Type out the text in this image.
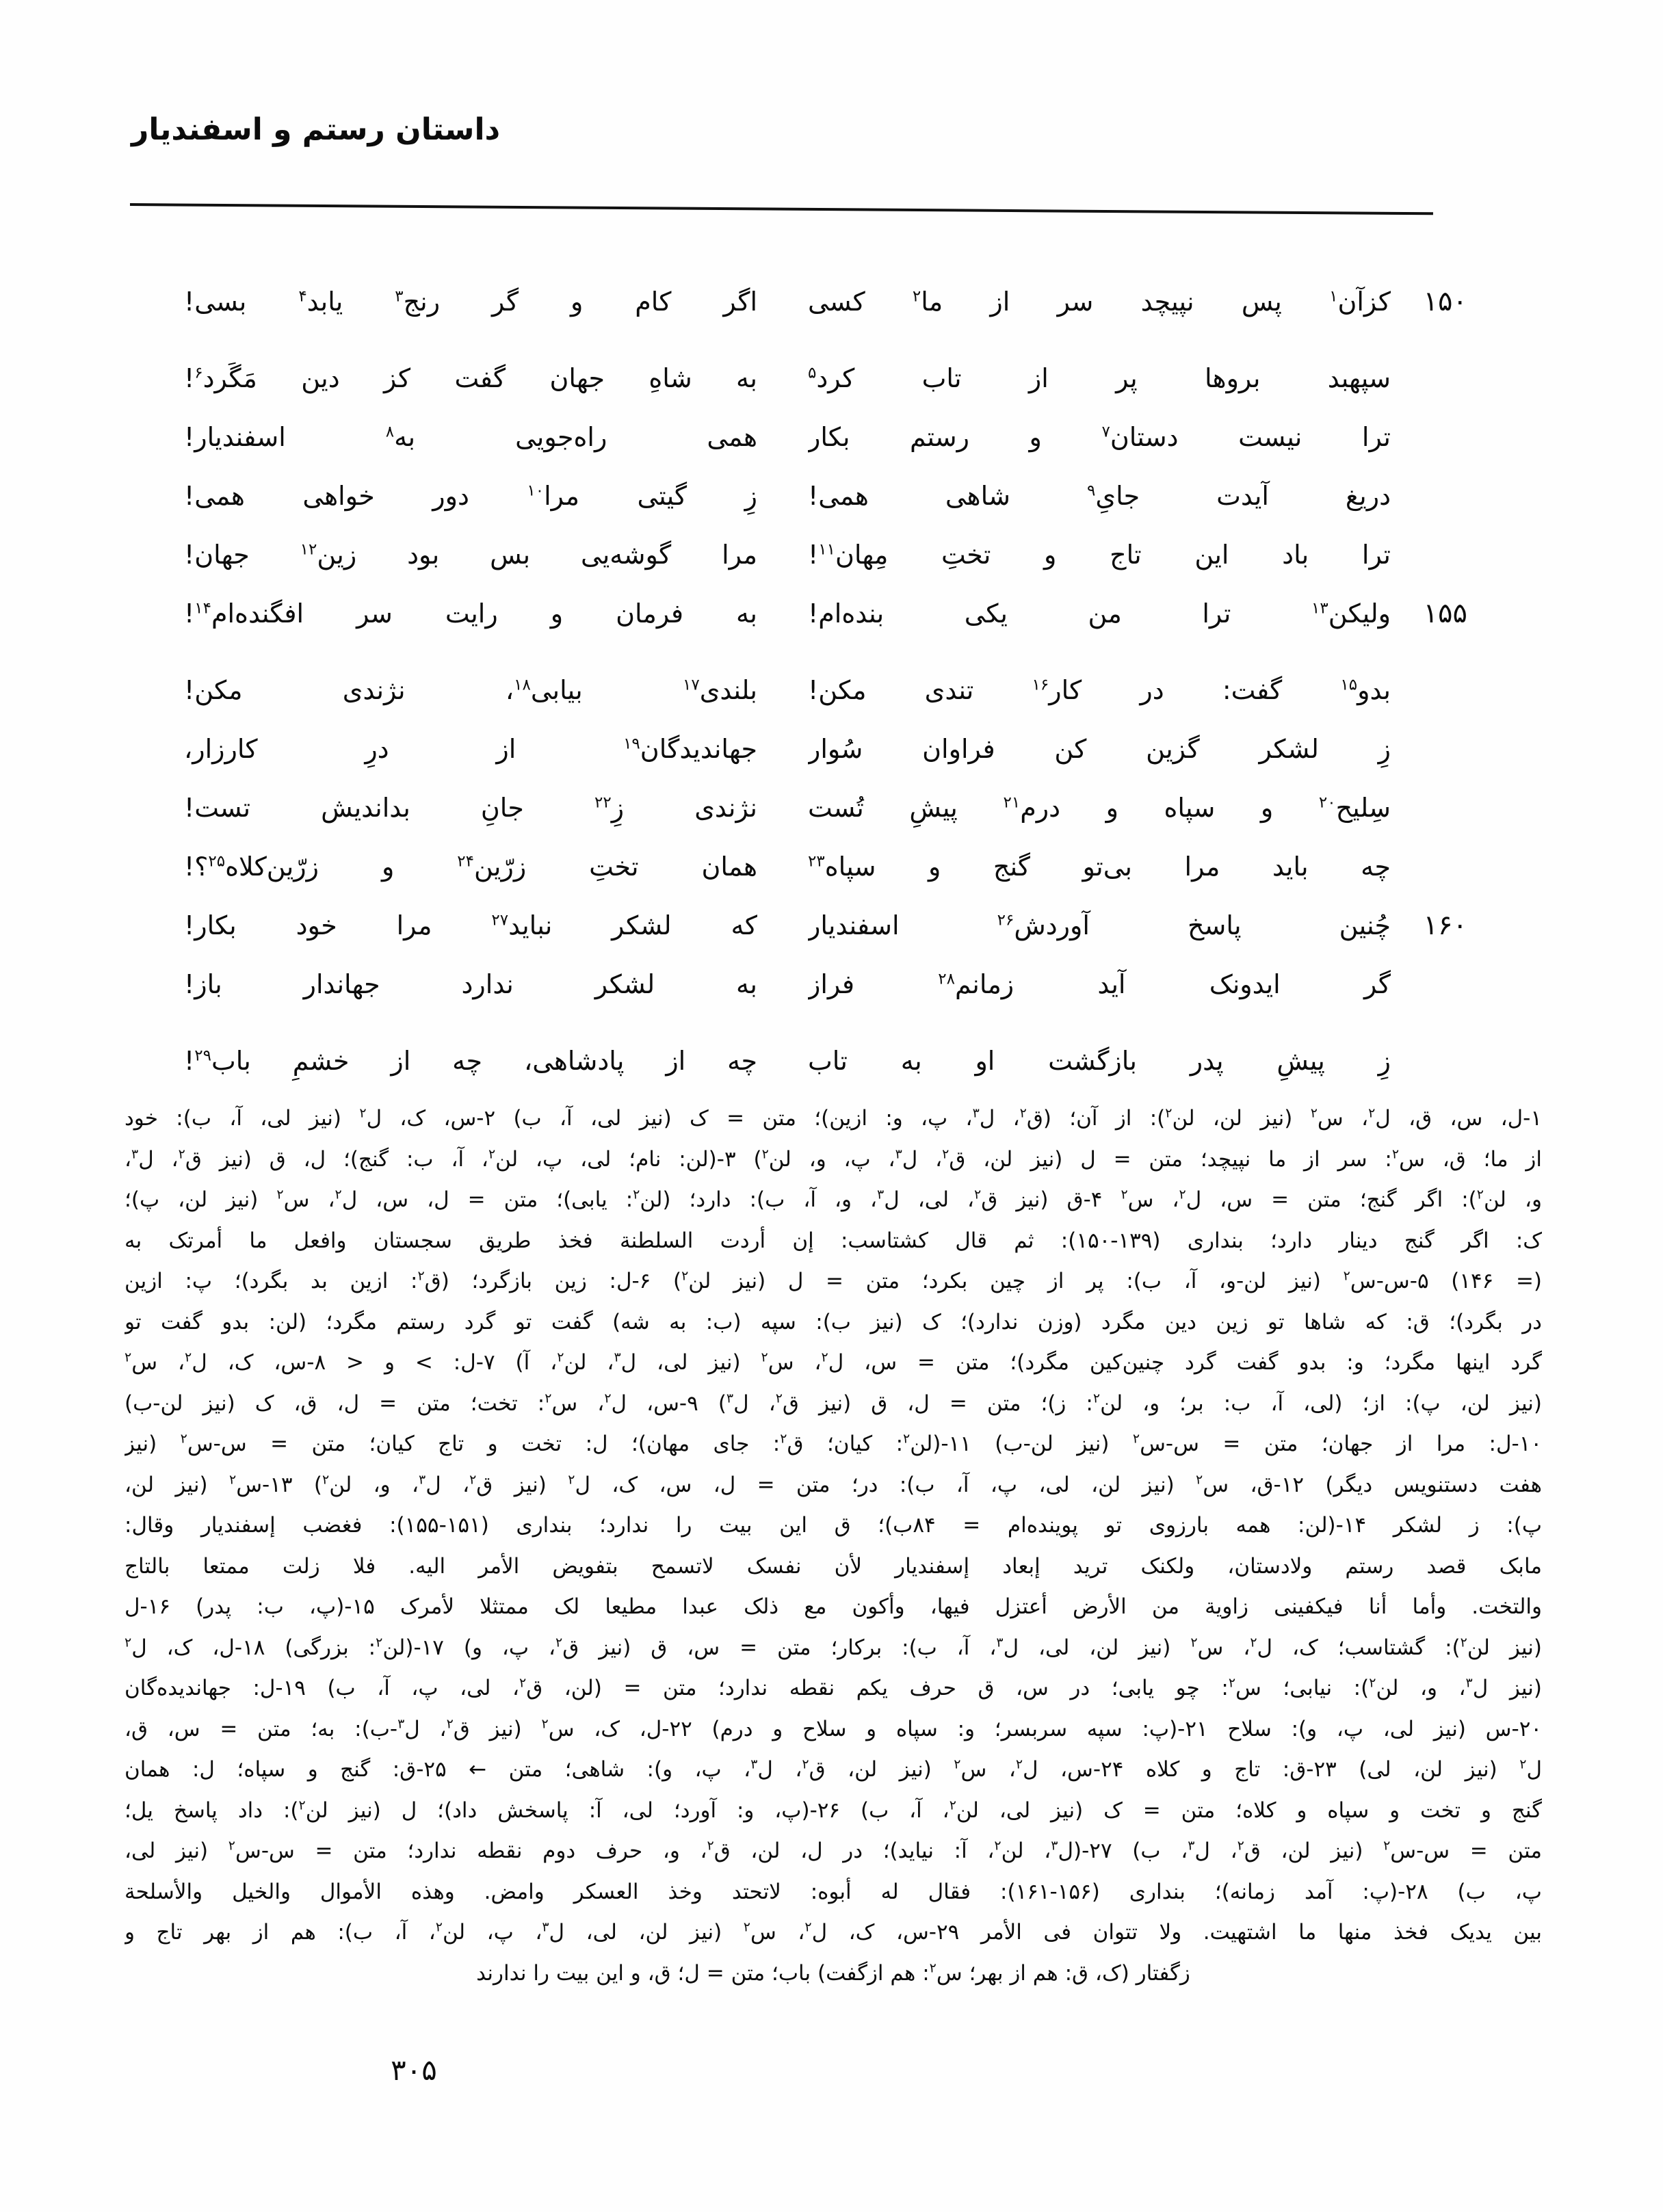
داستان رستم و اسفندیار
۱۵۰
کزآن$^۱$ پس نپیچد سر از ما$^۲$ کسی
اگر کام و گر رنج$^۳$ یابد$^۴$ بسی!
سپهبد بروها پر از تاب کرد$^۵$
به شاهِ جهان گفت کز دین مَگَرد$^۶$!
ترا نیست دستان$^۷$ و رستم بکار
همی راه‌جویی به$^۸$ اسفندیار!
دریغ آیدت جایِ$^۹$ شاهی همی!
زِ گیتی مرا$^{۱۰}$ دور خواهی همی!
ترا باد این تاج و تختِ مِهان$^{۱۱}$!
مرا گوشه‌یی بس بود زین$^{۱۲}$ جهان!
۱۵۵
ولیکن$^{۱۳}$ ترا من یکی بنده‌ام!
به فرمان و رایت سر افگنده‌ام$^{۱۴}$!
بدو$^{۱۵}$ گفت: در کار$^{۱۶}$ تندی مکن!
بلندی$^{۱۷}$ بیابی$^{۱۸}$، نژندی مکن!
زِ لشکر گزین کن فراوان سُوار
جهاندیدگان$^{۱۹}$ از درِ کارزار،
سِلیح$^{۲۰}$ و سپاه و درم$^{۲۱}$ پیشِ تُست
نژندی زِ$^{۲۲}$ جانِ بداندیش تست!
چه باید مرا بی‌تو گنج و سپاه$^{۲۳}$
همان تختِ زرّین$^{۲۴}$ و زرّین‌کلاه$^{۲۵}$؟!
۱۶۰
چُنین پاسخ آوردش$^{۲۶}$ اسفندیار
که لشکر نباید$^{۲۷}$ مرا خود بکار!
گر ایدونک آید زمانم$^{۲۸}$ فراز
به لشکر ندارد جهاندار باز!
زِ پیشِ پدر بازگشت او به تاب
چه از پادشاهی، چه از خشمِ باب$^{۲۹}$!
۱-ل، س، ق، ل$^۲$، س$^۲$ (نیز لن، لن$^۲$): از آن؛ (ق$^۲$، ل$^۳$، پ، و: ازین)؛ متن = ک (نیز لی، آ، ب) ۲-س، ک، ل$^۲$ (نیز لی، آ، ب): خود
از ما؛ ق، س$^۲$: سر از ما نپیچد؛ متن = ل (نیز لن، ق$^۲$، ل$^۳$، پ، و، لن$^۲$) ۳-(لن: نام؛ لی، پ، لن$^۲$، آ، ب: گنج)؛ ل، ق (نیز ق$^۲$، ل$^۳$،
و، لن$^۲$): اگر گنج؛ متن = س، ل$^۲$، س$^۲$ ۴-ق (نیز ق$^۲$، لی، ل$^۳$، و، آ، ب): دارد؛ (لن$^۲$: یابی)؛ متن = ل، س، ل$^۲$، س$^۲$ (نیز لن، پ)؛
ک: اگر گنج دینار دارد؛ بنداری (۱۳۹-۱۵۰): ثم قال کشتاسب: إن أردت السلطنة فخذ طریق سجستان وافعل ما أمرتک به
(= ۱۴۶) ۵-س-س$^۲$ (نیز لن-و، آ، ب): پر از چین بکرد؛ متن = ل (نیز لن$^۲$) ۶-ل: زین بازگرد؛ (ق$^۲$: ازین بد بگرد)؛ پ: ازین
در بگرد)؛ ق: که شاها تو زین دین مگرد (وزن ندارد)؛ ک (نیز ب): سپه (ب: به شه) گفت تو گرد رستم مگرد؛ (لن: بدو گفت تو
گرد اینها مگرد؛ و: بدو گفت گرد چنین‌کین مگرد)؛ متن = س، ل$^۲$، س$^۲$ (نیز لی، ل$^۳$، لن$^۲$، آ) ۷-ل: > و < ۸-س، ک، ل$^۲$، س$^۲$
(نیز لن، پ): از؛ (لی، آ، ب: بر؛ و، لن$^۲$: ز)؛ متن = ل، ق (نیز ق$^۲$، ل$^۳$) ۹-س، ل$^۲$، س$^۲$: تخت؛ متن = ل، ق، ک (نیز لن-ب)
۱۰-ل: مرا از جهان؛ متن = س-س$^۲$ (نیز لن-ب) ۱۱-(لن$^۲$: کیان؛ ق$^۲$: جای مهان)؛ ل: تخت و تاج کیان؛ متن = س-س$^۲$ (نیز
هفت دستنویس دیگر) ۱۲-ق، س$^۲$ (نیز لن، لی، پ، آ، ب): در؛ متن = ل، س، ک، ل$^۲$ (نیز ق$^۲$، ل$^۳$، و، لن$^۲$) ۱۳-س$^۲$ (نیز لن،
پ): ز لشکر ۱۴-(لن: همه بارزوی تو پوینده‌ام = ۸۴ب)؛ ق این بیت را ندارد؛ بنداری (۱۵۱-۱۵۵): فغضب إسفندیار وقال:
مابک قصد رستم ولادستان، ولکنک ترید إبعاد إسفندیار لأن نفسک لاتسمح بتفویض الأمر الیه. فلا زلت ممتعا بالتاج
والتخت. وأما أنا فیکفینی زاویة من الأرض أعتزل فیها، وأکون مع ذلک عبدا مطیعا لک ممتثلا لأمرک ۱۵-(پ، ب: پدر) ۱۶-ل
(نیز لن$^۲$): گشتاسب؛ ک، ل$^۲$، س$^۲$ (نیز لن، لی، ل$^۳$، آ، ب): برکار؛ متن = س، ق (نیز ق$^۲$، پ، و) ۱۷-(لن$^۲$: بزرگی) ۱۸-ل، ک، ل$^۲$
(نیز ل$^۳$، و، لن$^۲$): نیابی؛ س$^۲$: چو یابی؛ در س، ق حرف یکم نقطه ندارد؛ متن = (لن، ق$^۲$، لی، پ، آ، ب) ۱۹-ل: جهاندیده‌گان
۲۰-س (نیز لی، پ، و): سلاح ۲۱-(پ: سپه سربسر؛ و: سپاه و سلاح و درم) ۲۲-ل، ک، س$^۲$ (نیز ق$^۲$، ل$^۳$-ب): به؛ متن = س، ق،
ل$^۲$ (نیز لن، لی) ۲۳-ق: تاج و کلاه ۲۴-س، ل$^۲$، س$^۲$ (نیز لن، ق$^۲$، ل$^۳$، پ، و): شاهی؛ متن ← ۲۵-ق: گنج و سپاه؛ ل: همان
گنج و تخت و سپاه و کلاه؛ متن = ک (نیز لی، لن$^۲$، آ، ب) ۲۶-(پ، و: آورد؛ لی، آ: پاسخش داد)؛ ل (نیز لن$^۲$): داد پاسخ یل؛
متن = س-س$^۲$ (نیز لن، ق$^۲$، ل$^۳$، ب) ۲۷-(ل$^۳$، لن$^۲$، آ: نیاید)؛ در ل، لن، ق$^۲$، و، حرف دوم نقطه ندارد؛ متن = س-س$^۲$ (نیز لی،
پ، ب) ۲۸-(پ: آمد زمانه)؛ بنداری (۱۵۶-۱۶۱): فقال له أبوه: لاتحتد وخذ العسکر وامض. وهذه الأموال والخیل والأسلحة
بین یدیک فخذ منها ما اشتهیت. ولا تتوان فی الأمر ۲۹-س، ک، ل$^۲$، س$^۲$ (نیز لن، لی، ل$^۳$، پ، لن$^۲$، آ، ب): هم از بهر تاج و
زگفتار (ک، ق: هم از بهر؛ س$^۲$: هم ازگفت) باب؛ متن = ل؛ ق، و این بیت را ندارند
۳۰۵
